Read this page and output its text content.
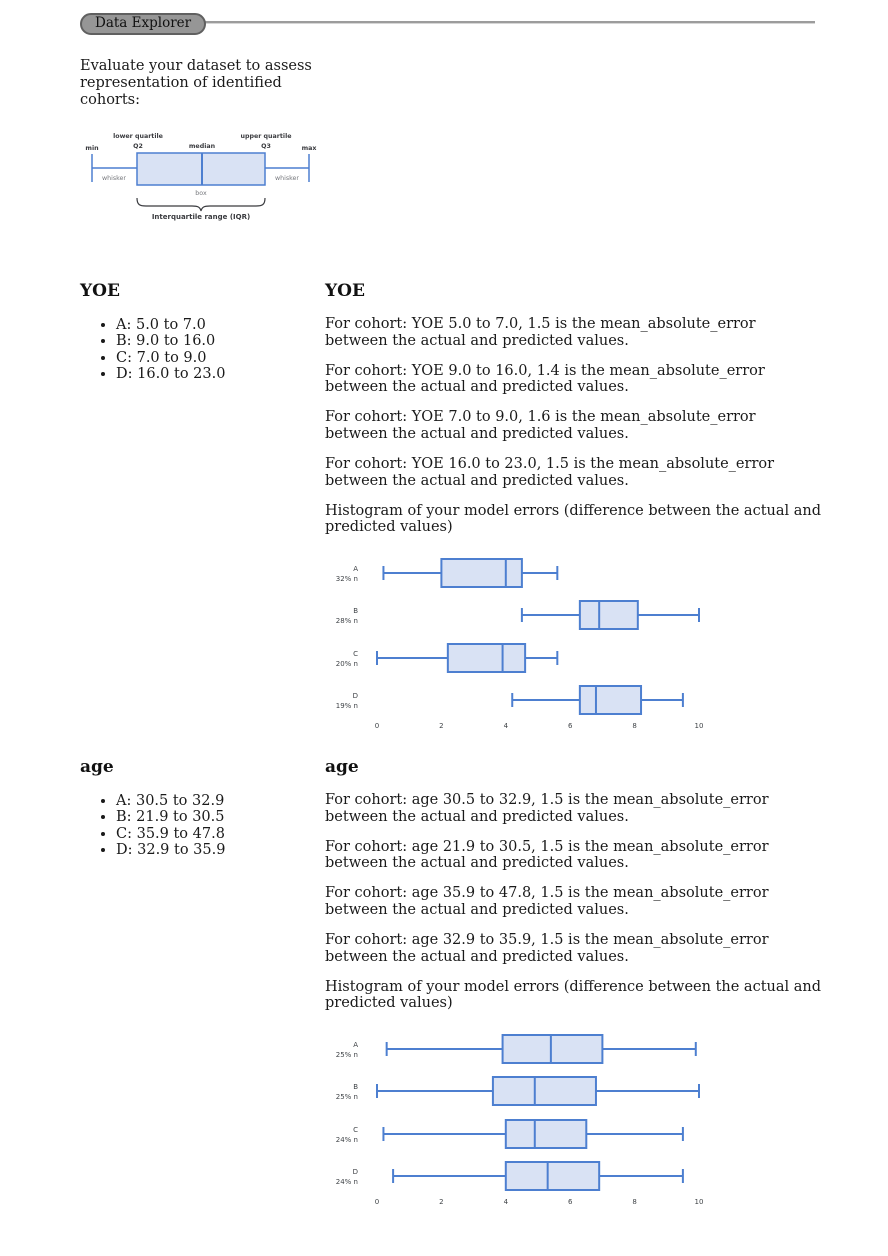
Data Explorer

Evaluate your dataset to assess representation of identified cohorts:

lower quartile
Q2	median
upper quartile
Q3
min	max
whisker	whisker
box
Interquartile range (IQR)
YOE
• A: 5.0 to 7.0
• B: 9.0 to 16.0
• C: 7.0 to 9.0
• D: 16.0 to 23.0
YOE

For cohort: YOE 5.0 to 7.0, 1.5 is the mean_absolute_error between the actual and predicted values.

For cohort: YOE 9.0 to 16.0, 1.4 is the mean_absolute_error between the actual and predicted values.

For cohort: YOE 7.0 to 9.0, 1.6 is the mean_absolute_error between the actual and predicted values.

For cohort: YOE 16.0 to 23.0, 1.5 is the mean_absolute_error between the actual and predicted values.

Histogram of your model errors (difference between the actual and predicted values)

A
32% n
B
28% n
C
20% n
D
19% n
0	2	4	6	8	10
age
• A: 30.5 to 32.9
• B: 21.9 to 30.5
• C: 35.9 to 47.8
• D: 32.9 to 35.9
age

For cohort: age 30.5 to 32.9, 1.5 is the mean_absolute_error between the actual and predicted values.

For cohort: age 21.9 to 30.5, 1.5 is the mean_absolute_error between the actual and predicted values.

For cohort: age 35.9 to 47.8, 1.5 is the mean_absolute_error between the actual and predicted values.

For cohort: age 32.9 to 35.9, 1.5 is the mean_absolute_error between the actual and predicted values.

Histogram of your model errors (difference between the actual and predicted values)

A
25% n
B
25% n
C
24% n
D
24% n
0	2	4	6	8	10
